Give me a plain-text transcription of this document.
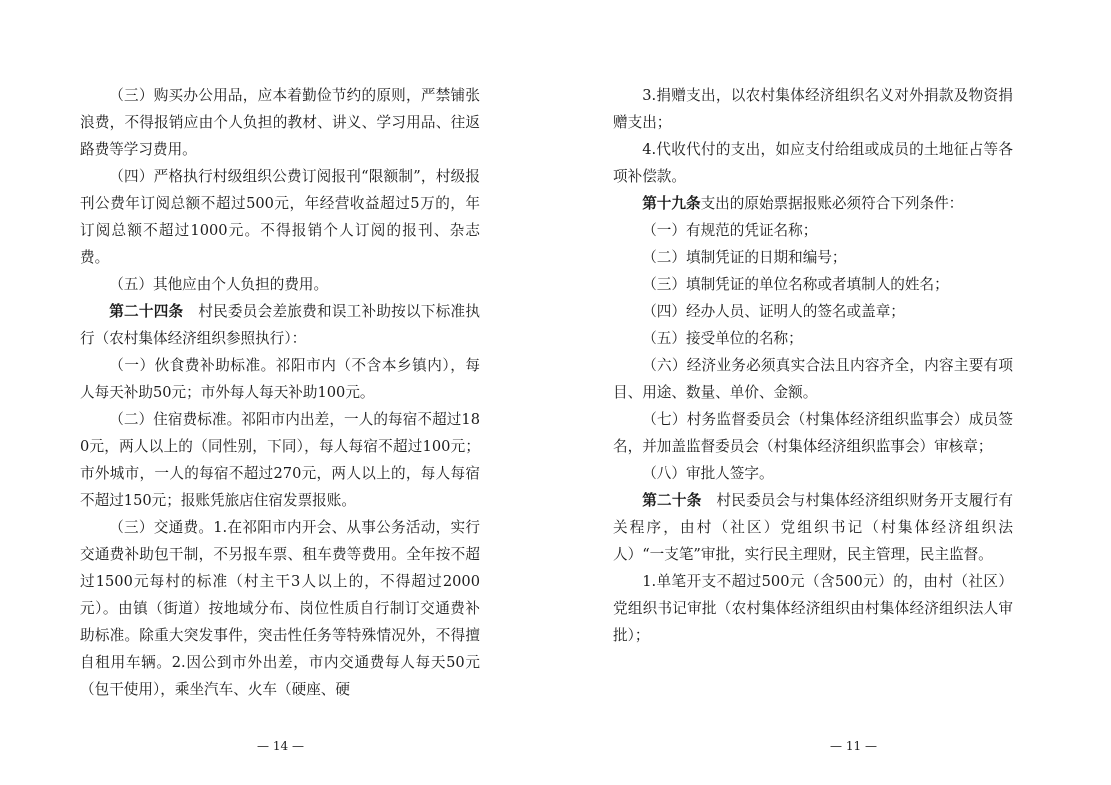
（三）购买办公用品，应本着勤俭节约的原则，严禁铺张浪费，不得报销应由个人负担的教材、讲义、学习用品、往返路费等学习费用。

（四）严格执行村级组织公费订阅报刊“限额制”，村级报刊公费年订阅总额不超过500元，年经营收益超过5万的，年订阅总额不超过1000元。不得报销个人订阅的报刊、杂志费。

（五）其他应由个人负担的费用。

第二十四条　村民委员会差旅费和误工补助按以下标准执行（农村集体经济组织参照执行）：

（一）伙食费补助标准。祁阳市内（不含本乡镇内），每人每天补助50元；市外每人每天补助100元。

（二）住宿费标准。祁阳市内出差，一人的每宿不超过180元，两人以上的（同性别，下同），每人每宿不超过100元；市外城市，一人的每宿不超过270元，两人以上的，每人每宿不超过150元；报账凭旅店住宿发票报账。

（三）交通费。1.在祁阳市内开会、从事公务活动，实行交通费补助包干制，不另报车票、租车费等费用。全年按不超过1500元每村的标准（村主干3人以上的，不得超过2000元）。由镇（街道）按地域分布、岗位性质自行制订交通费补助标准。除重大突发事件，突击性任务等特殊情况外，不得擅自租用车辆。2.因公到市外出差，市内交通费每人每天50元（包干使用），乘坐汽车、火车（硬座、硬

— 14 —

3.捐赠支出，以农村集体经济组织名义对外捐款及物资捐赠支出；

4.代收代付的支出，如应支付给组或成员的土地征占等各项补偿款。

第十九条支出的原始票据报账必须符合下列条件：

（一）有规范的凭证名称；

（二）填制凭证的日期和编号；

（三）填制凭证的单位名称或者填制人的姓名；

（四）经办人员、证明人的签名或盖章；

（五）接受单位的名称；

（六）经济业务必须真实合法且内容齐全，内容主要有项目、用途、数量、单价、金额。

（七）村务监督委员会（村集体经济组织监事会）成员签名，并加盖监督委员会（村集体经济组织监事会）审核章；

（八）审批人签字。

第二十条　村民委员会与村集体经济组织财务开支履行有关程序，由村（社区）党组织书记（村集体经济组织法人）“一支笔”审批，实行民主理财，民主管理，民主监督。

1.单笔开支不超过500元（含500元）的，由村（社区）党组织书记审批（农村集体经济组织由村集体经济组织法人审批）；

— 11 —
